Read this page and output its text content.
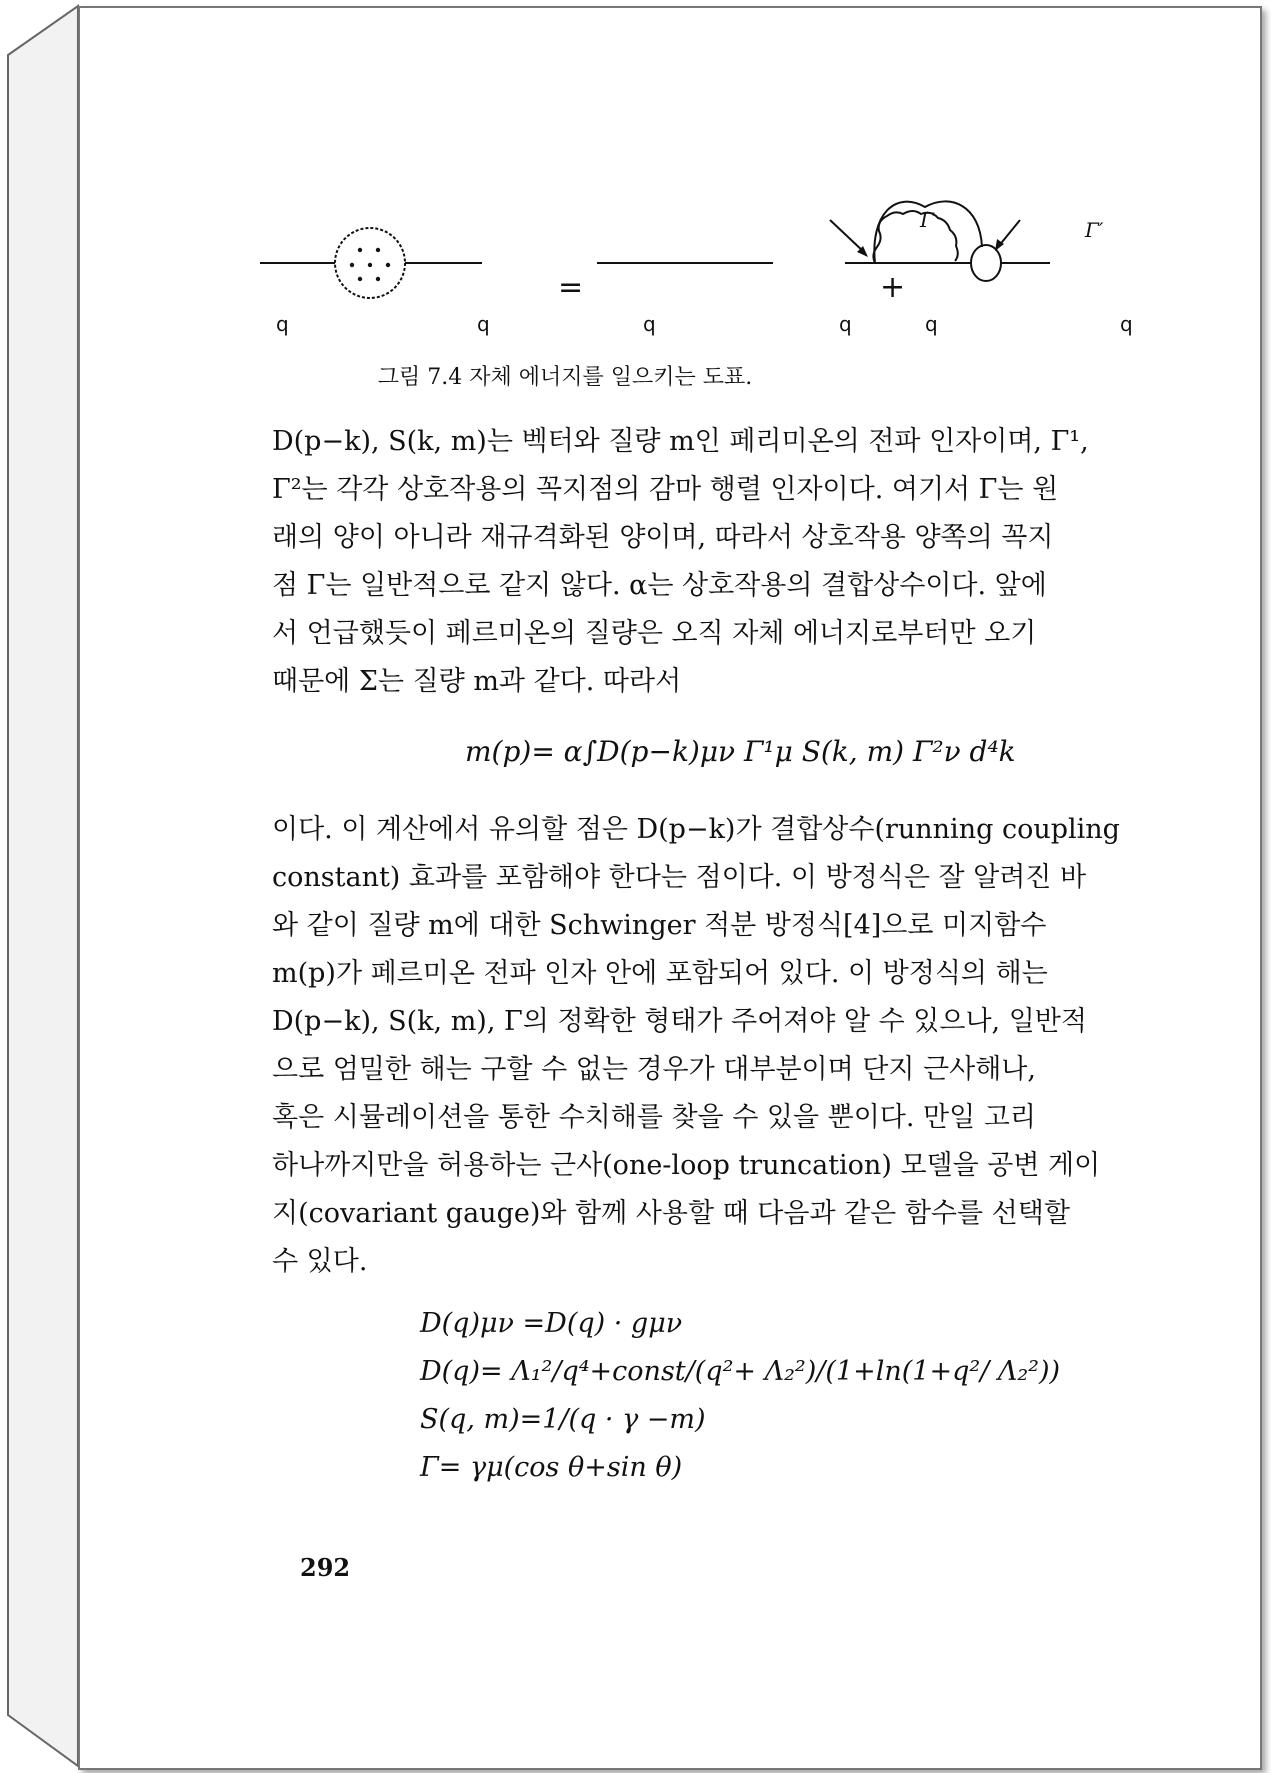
q	q	q	q	q	q
=	+
Γ	Γ′
그림 7.4 자체 에너지를 일으키는 도표.

D(p−k), S(k, m)는 벡터와 질량 m인 페리미온의 전파 인자이며, Γ¹,

Γ²는 각각 상호작용의 꼭지점의 감마 행렬 인자이다. 여기서 Γ는 원

래의 양이 아니라 재규격화된 양이며, 따라서 상호작용 양쪽의 꼭지

점 Γ는 일반적으로 같지 않다. α는 상호작용의 결합상수이다. 앞에

서 언급했듯이 페르미온의 질량은 오직 자체 에너지로부터만 오기

때문에 Σ는 질량 m과 같다. 따라서

m(p)= α∫D(p−k)μν Γ¹μ S(k, m) Γ²ν d⁴k

이다. 이 계산에서 유의할 점은 D(p−k)가 결합상수(running coupling

constant) 효과를 포함해야 한다는 점이다. 이 방정식은 잘 알려진 바

와 같이 질량 m에 대한 Schwinger 적분 방정식[4]으로 미지함수

m(p)가 페르미온 전파 인자 안에 포함되어 있다. 이 방정식의 해는

D(p−k), S(k, m), Γ의 정확한 형태가 주어져야 알 수 있으나, 일반적

으로 엄밀한 해는 구할 수 없는 경우가 대부분이며 단지 근사해나,

혹은 시뮬레이션을 통한 수치해를 찾을 수 있을 뿐이다. 만일 고리

하나까지만을 허용하는 근사(one-loop truncation) 모델을 공변 게이

지(covariant gauge)와 함께 사용할 때 다음과 같은 함수를 선택할

수 있다.

D(q)μν =D(q) · gμν
D(q)= Λ₁²/q⁴+const/(q²+ Λ₂²)/(1+ln(1+q²/ Λ₂²))
S(q, m)=1/(q · γ −m)
Γ= γμ(cos θ+sin θ)
292
